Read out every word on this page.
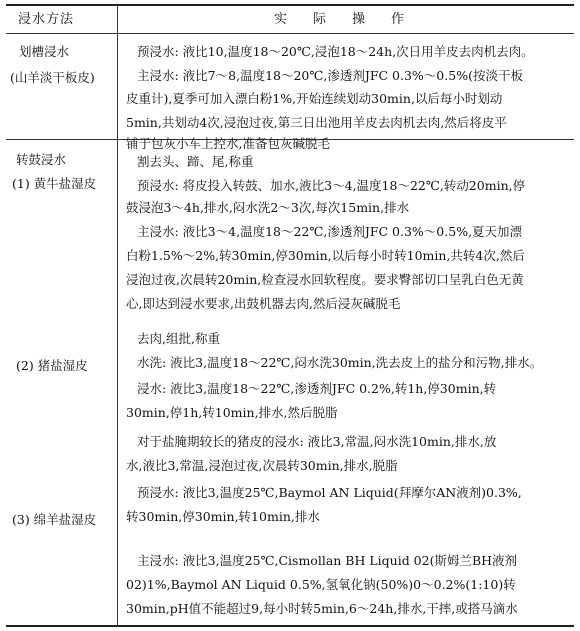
浸水方法	实际操作
划槽浸水
(山羊淡干板皮)
预浸水: 液比10,温度18～20℃,浸泡18～24h,次日用羊皮去肉机去肉。
主浸水: 液比7～8,温度18～20℃,渗透剂JFC 0.3%～0.5%(按淡干板
皮重计),夏季可加入漂白粉1%,开始连续划动30min,以后每小时划动
5min,共划动4次,浸泡过夜,第三日出池用羊皮去肉机去肉,然后将皮平
铺于包灰小车上控水,准备包灰碱脱毛
转鼓浸水
(1) 黄牛盐湿皮
(2) 猪盐湿皮
(3) 绵羊盐湿皮
割去头、蹄、尾,称重
预浸水: 将皮投入转鼓、加水,液比3～4,温度18～22℃,转动20min,停
鼓浸泡3～4h,排水,闷水洗2～3次,每次15min,排水
主浸水: 液比3～4,温度18～22℃,渗透剂JFC 0.3%～0.5%,夏天加漂
白粉1.5%～2%,转30min,停30min,以后每小时转10min,共转4次,然后
浸泡过夜,次晨转20min,检查浸水回软程度。要求臀部切口呈乳白色无黄
心,即达到浸水要求,出鼓机器去肉,然后浸灰碱脱毛
去肉,组批,称重
水洗: 液比3,温度18～22℃,闷水洗30min,洗去皮上的盐分和污物,排水。
浸水: 液比3,温度18～22℃,渗透剂JFC 0.2%,转1h,停30min,转
30min,停1h,转10min,排水,然后脱脂
对于盐腌期较长的猪皮的浸水: 液比3,常温,闷水洗10min,排水,放
水,液比3,常温,浸泡过夜,次晨转30min,排水,脱脂
预浸水: 液比3,温度25℃,Baymol AN Liquid(拜摩尔AN液剂)0.3%,
转30min,停30min,转10min,排水
主浸水: 液比3,温度25℃,Cismollan BH Liquid 02(斯姆兰BH液剂
02)1%,Baymol AN Liquid 0.5%,氢氧化钠(50%)0～0.2%(1:10)转
30min,pH值不能超过9,每小时转5min,6～24h,排水,干摔,或搭马滴水
